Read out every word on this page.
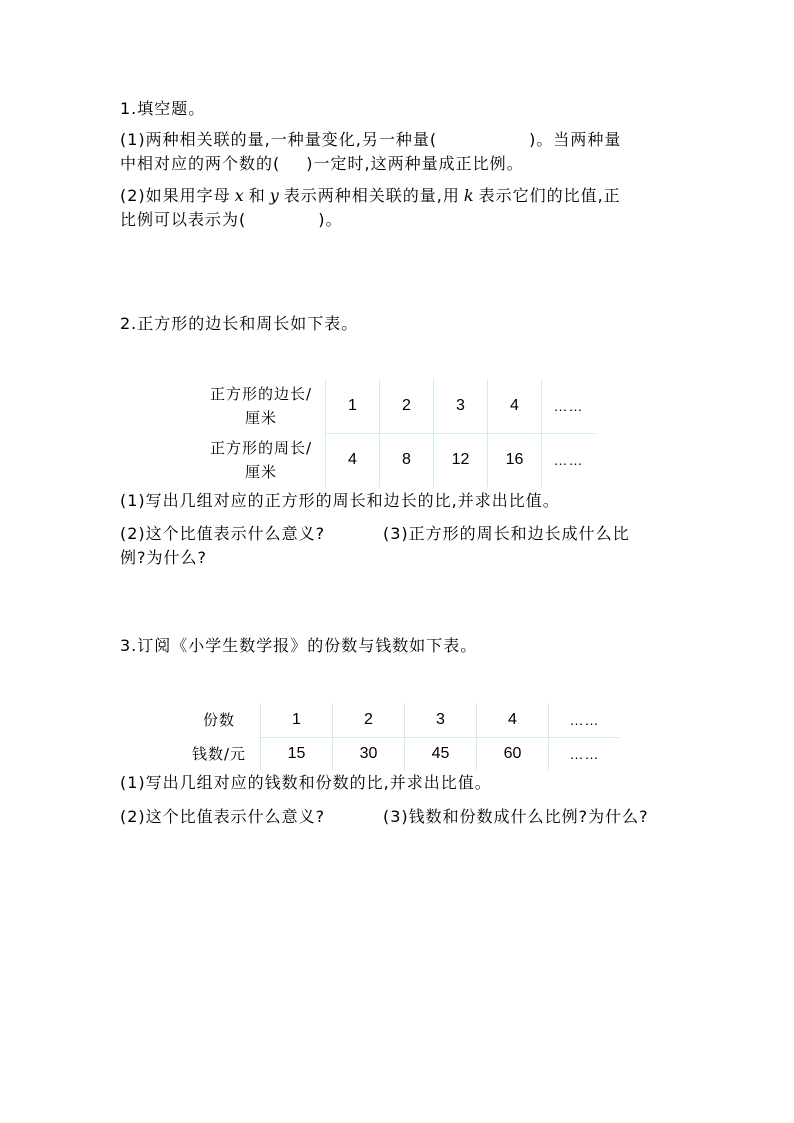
1.填空题。
(1)两种相关联的量,一种量变化,另一种量(	)。当两种量
中相对应的两个数的( )一定时,这两种量成正比例。
(2)如果用字母 x 和 y 表示两种相关联的量,用 k 表示它们的比值,正
比例可以表示为(	)。
2.正方形的边长和周长如下表。
正方形的边长/
厘米	1	2	3	4	……

正方形的周长/
厘米	4	8	12	16	……
(1)写出几组对应的正方形的周长和边长的比,并求出比值。
(2)这个比值表示什么意义?	(3)正方形的周长和边长成什么比
例?为什么?
3.订阅《小学生数学报》的份数与钱数如下表。
份数	1	2	3	4	……
钱数/元	15	30	45	60	……
(1)写出几组对应的钱数和份数的比,并求出比值。
(2)这个比值表示什么意义?	(3)钱数和份数成什么比例?为什么?
